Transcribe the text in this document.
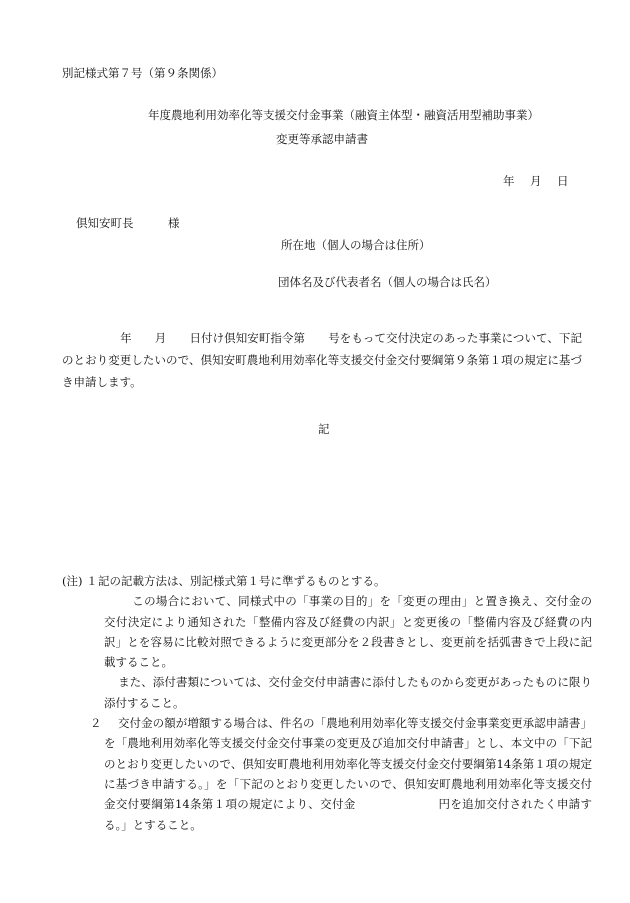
別記様式第７号（第９条関係）
年度農地利用効率化等支援交付金事業（融資主体型・融資活用型補助事業）
変更等承認申請書
年　月　日
倶知安町長　　　様
所在地（個人の場合は住所）
団体名及び代表者名（個人の場合は氏名）
年　　月　　日付け倶知安町指令第　　号をもって交付決定のあった事業について、下記のとおり変更したいので、倶知安町農地利用効率化等支援交付金交付要綱第９条第１項の規定に基づき申請します。
記
(注) １ 記の記載方法は、別記様式第１号に準ずるものとする。
この場合において、同様式中の「事業の目的」を「変更の理由」と置き換え、交付金の交付決定により通知された「整備内容及び経費の内訳」と変更後の「整備内容及び経費の内訳」とを容易に比較対照できるように変更部分を２段書きとし、変更前を括弧書きで上段に記載すること。
また、添付書類については、交付金交付申請書に添付したものから変更があったものに限り添付すること。
２	交付金の額が増額する場合は、件名の「農地利用効率化等支援交付金事業変更承認申請書」を「農地利用効率化等支援交付金交付事業の変更及び追加交付申請書」とし、本文中の「下記のとおり変更したいので、倶知安町農地利用効率化等支援交付金交付要綱第14条第１項の規定に基づき申請する。」を「下記のとおり変更したいので、倶知安町農地利用効率化等支援交付金交付要綱第14条第１項の規定により、交付金　　　　　　　円を追加交付されたく申請する。」とすること。
